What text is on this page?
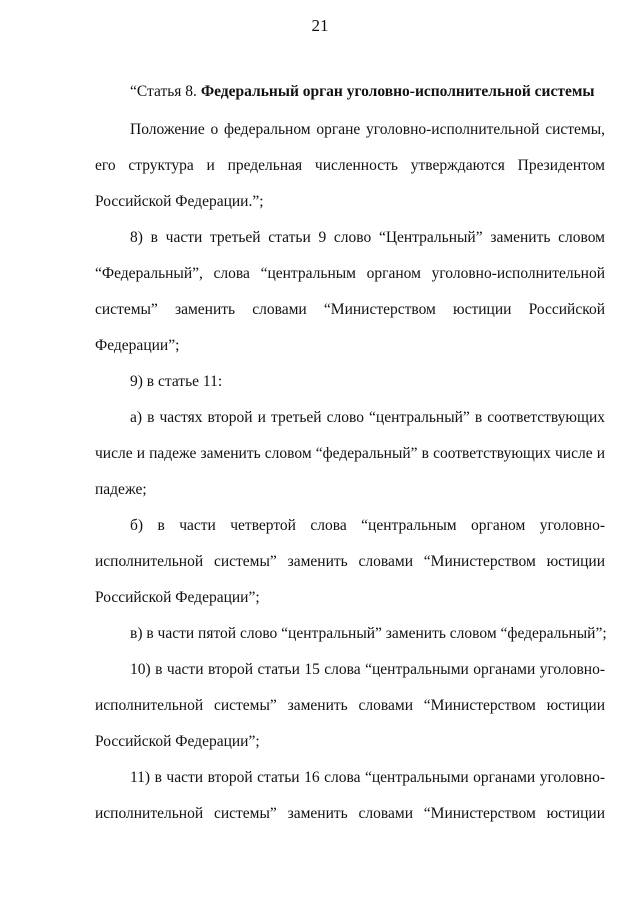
21
“Статья 8. Федеральный орган уголовно-исполнительной системы
Положение о федеральном органе уголовно-исполнительной системы,
его структура и предельная численность утверждаются Президентом
Российской Федерации.”;
8) в части третьей статьи 9 слово “Центральный” заменить словом
“Федеральный”, слова “центральным органом уголовно-исполнительной
системы” заменить словами “Министерством юстиции Российской
Федерации”;
9) в статье 11:
а) в частях второй и третьей слово “центральный” в соответствующих
числе и падеже заменить словом “федеральный” в соответствующих числе и
падеже;
б) в части четвертой слова “центральным органом уголовно-
исполнительной системы” заменить словами “Министерством юстиции
Российской Федерации”;
в) в части пятой слово “центральный” заменить словом “федеральный”;
10) в части второй статьи 15 слова “центральными органами уголовно-
исполнительной системы” заменить словами “Министерством юстиции
Российской Федерации”;
11) в части второй статьи 16 слова “центральными органами уголовно-
исполнительной системы” заменить словами “Министерством юстиции
